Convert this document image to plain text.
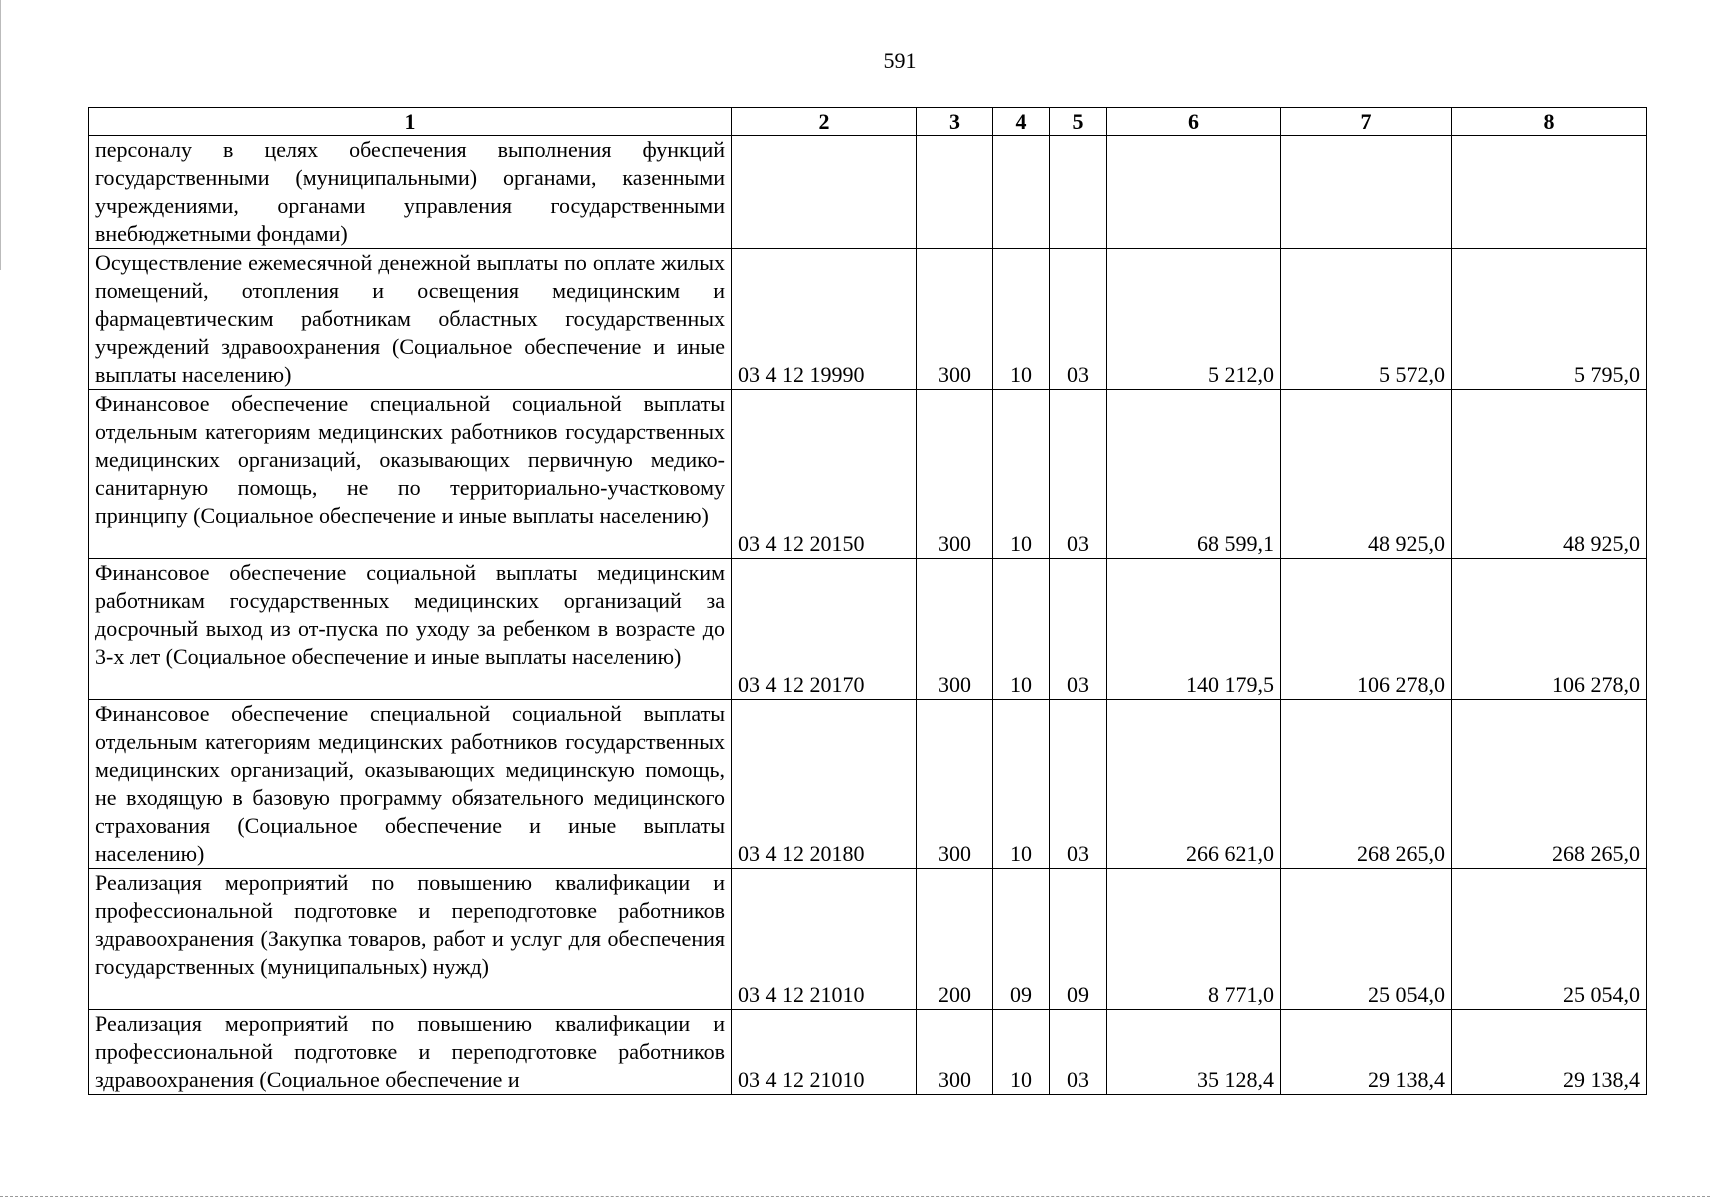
591
1	2	3	4	5	6	7	8
персоналу в целях обеспечения выполнения функций государственными (муниципальными) органами, казенными учреждениями, органами управления государственными внебюджетными фондами)							
Осуществление ежемесячной денежной выплаты по оплате жилых помещений, отопления и освещения медицинским и фармацевтическим работникам областных государственных учреждений здравоохранения (Социальное обеспечение и иные выплаты населению)	03 4 12 19990	300	10	03	5 212,0	5 572,0	5 795,0
Финансовое обеспечение специальной социальной выплаты отдельным категориям медицинских работников государственных медицинских организаций, оказывающих первичную медико-санитарную помощь, не по территориально-участковому принципу (Социальное обеспечение и иные выплаты населению)	03 4 12 20150	300	10	03	68 599,1	48 925,0	48 925,0
Финансовое обеспечение социальной выплаты медицинским работникам государственных медицинских организаций за досрочный выход из от-пуска по уходу за ребенком в возрасте до 3-х лет (Социальное обеспечение и иные выплаты населению)	03 4 12 20170	300	10	03	140 179,5	106 278,0	106 278,0
Финансовое обеспечение специальной социальной выплаты отдельным категориям медицинских работников государственных медицинских организаций, оказывающих медицинскую помощь, не входящую в базовую программу обязательного медицинского страхования (Социальное обеспечение и иные выплаты населению)	03 4 12 20180	300	10	03	266 621,0	268 265,0	268 265,0
Реализация мероприятий по повышению квалификации и профессиональной подготовке и переподготовке работников здравоохранения (Закупка товаров, работ и услуг для обеспечения государственных (муниципальных) нужд)	03 4 12 21010	200	09	09	8 771,0	25 054,0	25 054,0
Реализация мероприятий по повышению квалификации и профессиональной подготовке и переподготовке работников здравоохранения (Социальное обеспечение и	03 4 12 21010	300	10	03	35 128,4	29 138,4	29 138,4
